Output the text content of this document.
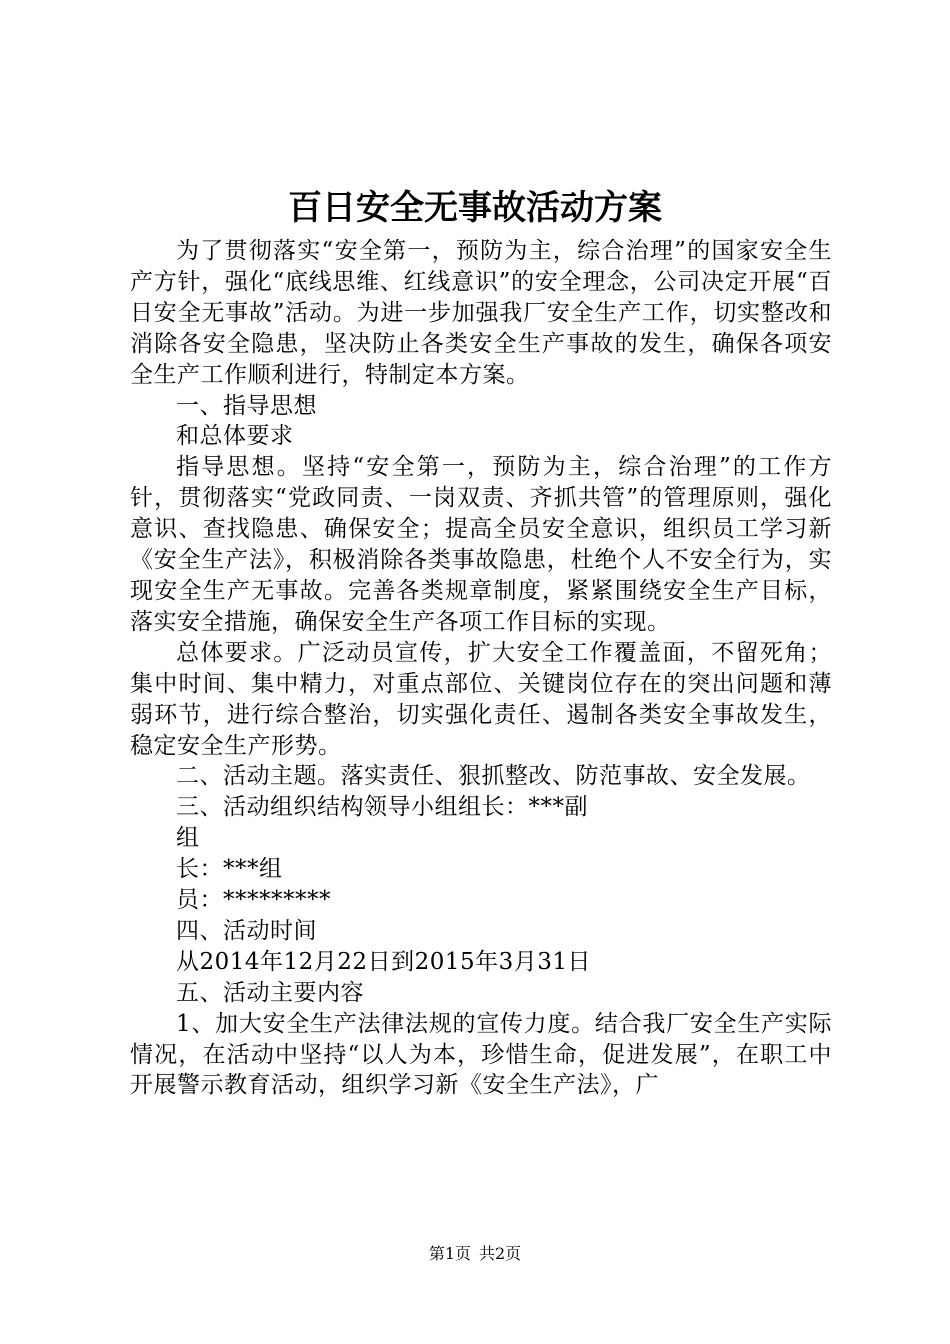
百日安全无事故活动方案

为了贯彻落实“安全第一，预防为主，综合治理”的国家安全生产方针，强化“底线思维、红线意识”的安全理念，公司决定开展“百日安全无事故”活动。为进一步加强我厂安全生产工作，切实整改和消除各安全隐患，坚决防止各类安全生产事故的发生，确保各项安全生产工作顺利进行，特制定本方案。

一、指导思想

和总体要求

指导思想。坚持“安全第一，预防为主，综合治理”的工作方针，贯彻落实“党政同责、一岗双责、齐抓共管”的管理原则，强化意识、查找隐患、确保安全；提高全员安全意识，组织员工学习新《安全生产法》，积极消除各类事故隐患，杜绝个人不安全行为，实现安全生产无事故。完善各类规章制度，紧紧围绕安全生产目标，落实安全措施，确保安全生产各项工作目标的实现。

总体要求。广泛动员宣传，扩大安全工作覆盖面，不留死角；集中时间、集中精力，对重点部位、关键岗位存在的突出问题和薄弱环节，进行综合整治，切实强化责任、遏制各类安全事故发生，稳定安全生产形势。

二、活动主题。落实责任、狠抓整改、防范事故、安全发展。

三、活动组织结构领导小组组长：***副

组

长：***组

员：*********

四、活动时间

从2014年12月22日到2015年3月31日

五、活动主要内容

1、加大安全生产法律法规的宣传力度。结合我厂安全生产实际情况，在活动中坚持“以人为本，珍惜生命，促进发展”，在职工中开展警示教育活动，组织学习新《安全生产法》，广

第1页 共2页
